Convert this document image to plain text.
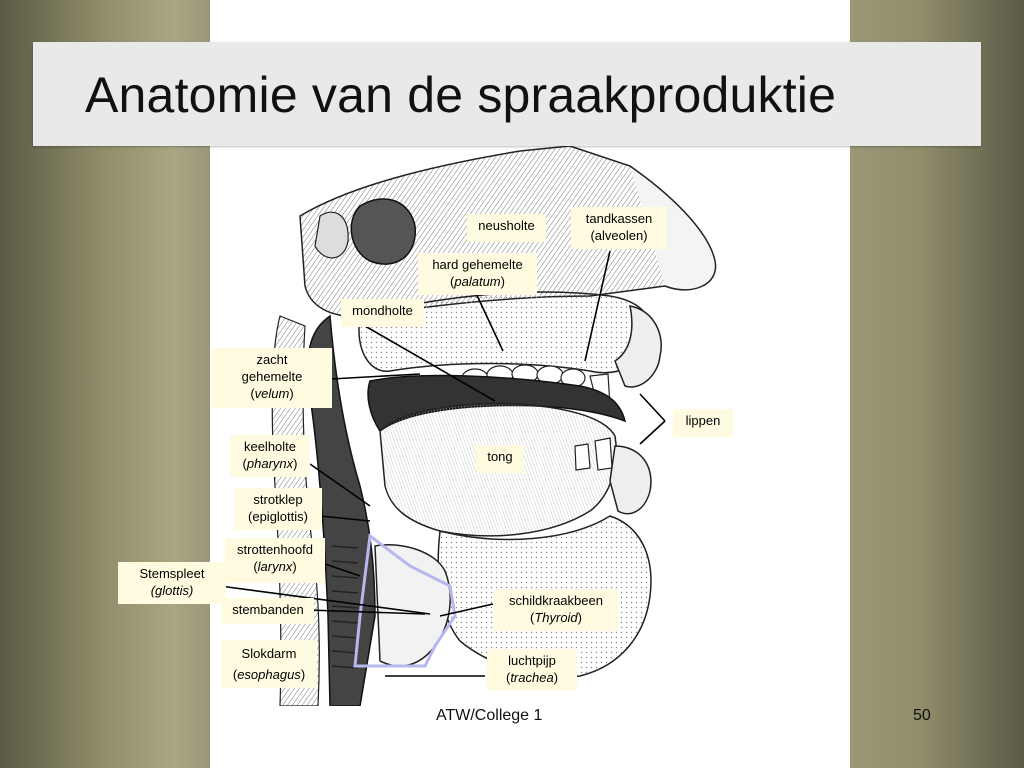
Anatomie van de spraakproduktie
neusholte	tandkassen
(alveolen)
hard gehemelte
(palatum)
mondholte
zacht
gehemelte
(velum)
lippen
keelholte
(pharynx)	tong
strotklep
(epiglottis)
strottenhoofd
(larynx)
Stemspleet
(glottis)
stembanden
schildkraakbeen
(Thyroid)
Slokdarm
(esophagus)
luchtpijp
(trachea)
ATW/College 1	50
